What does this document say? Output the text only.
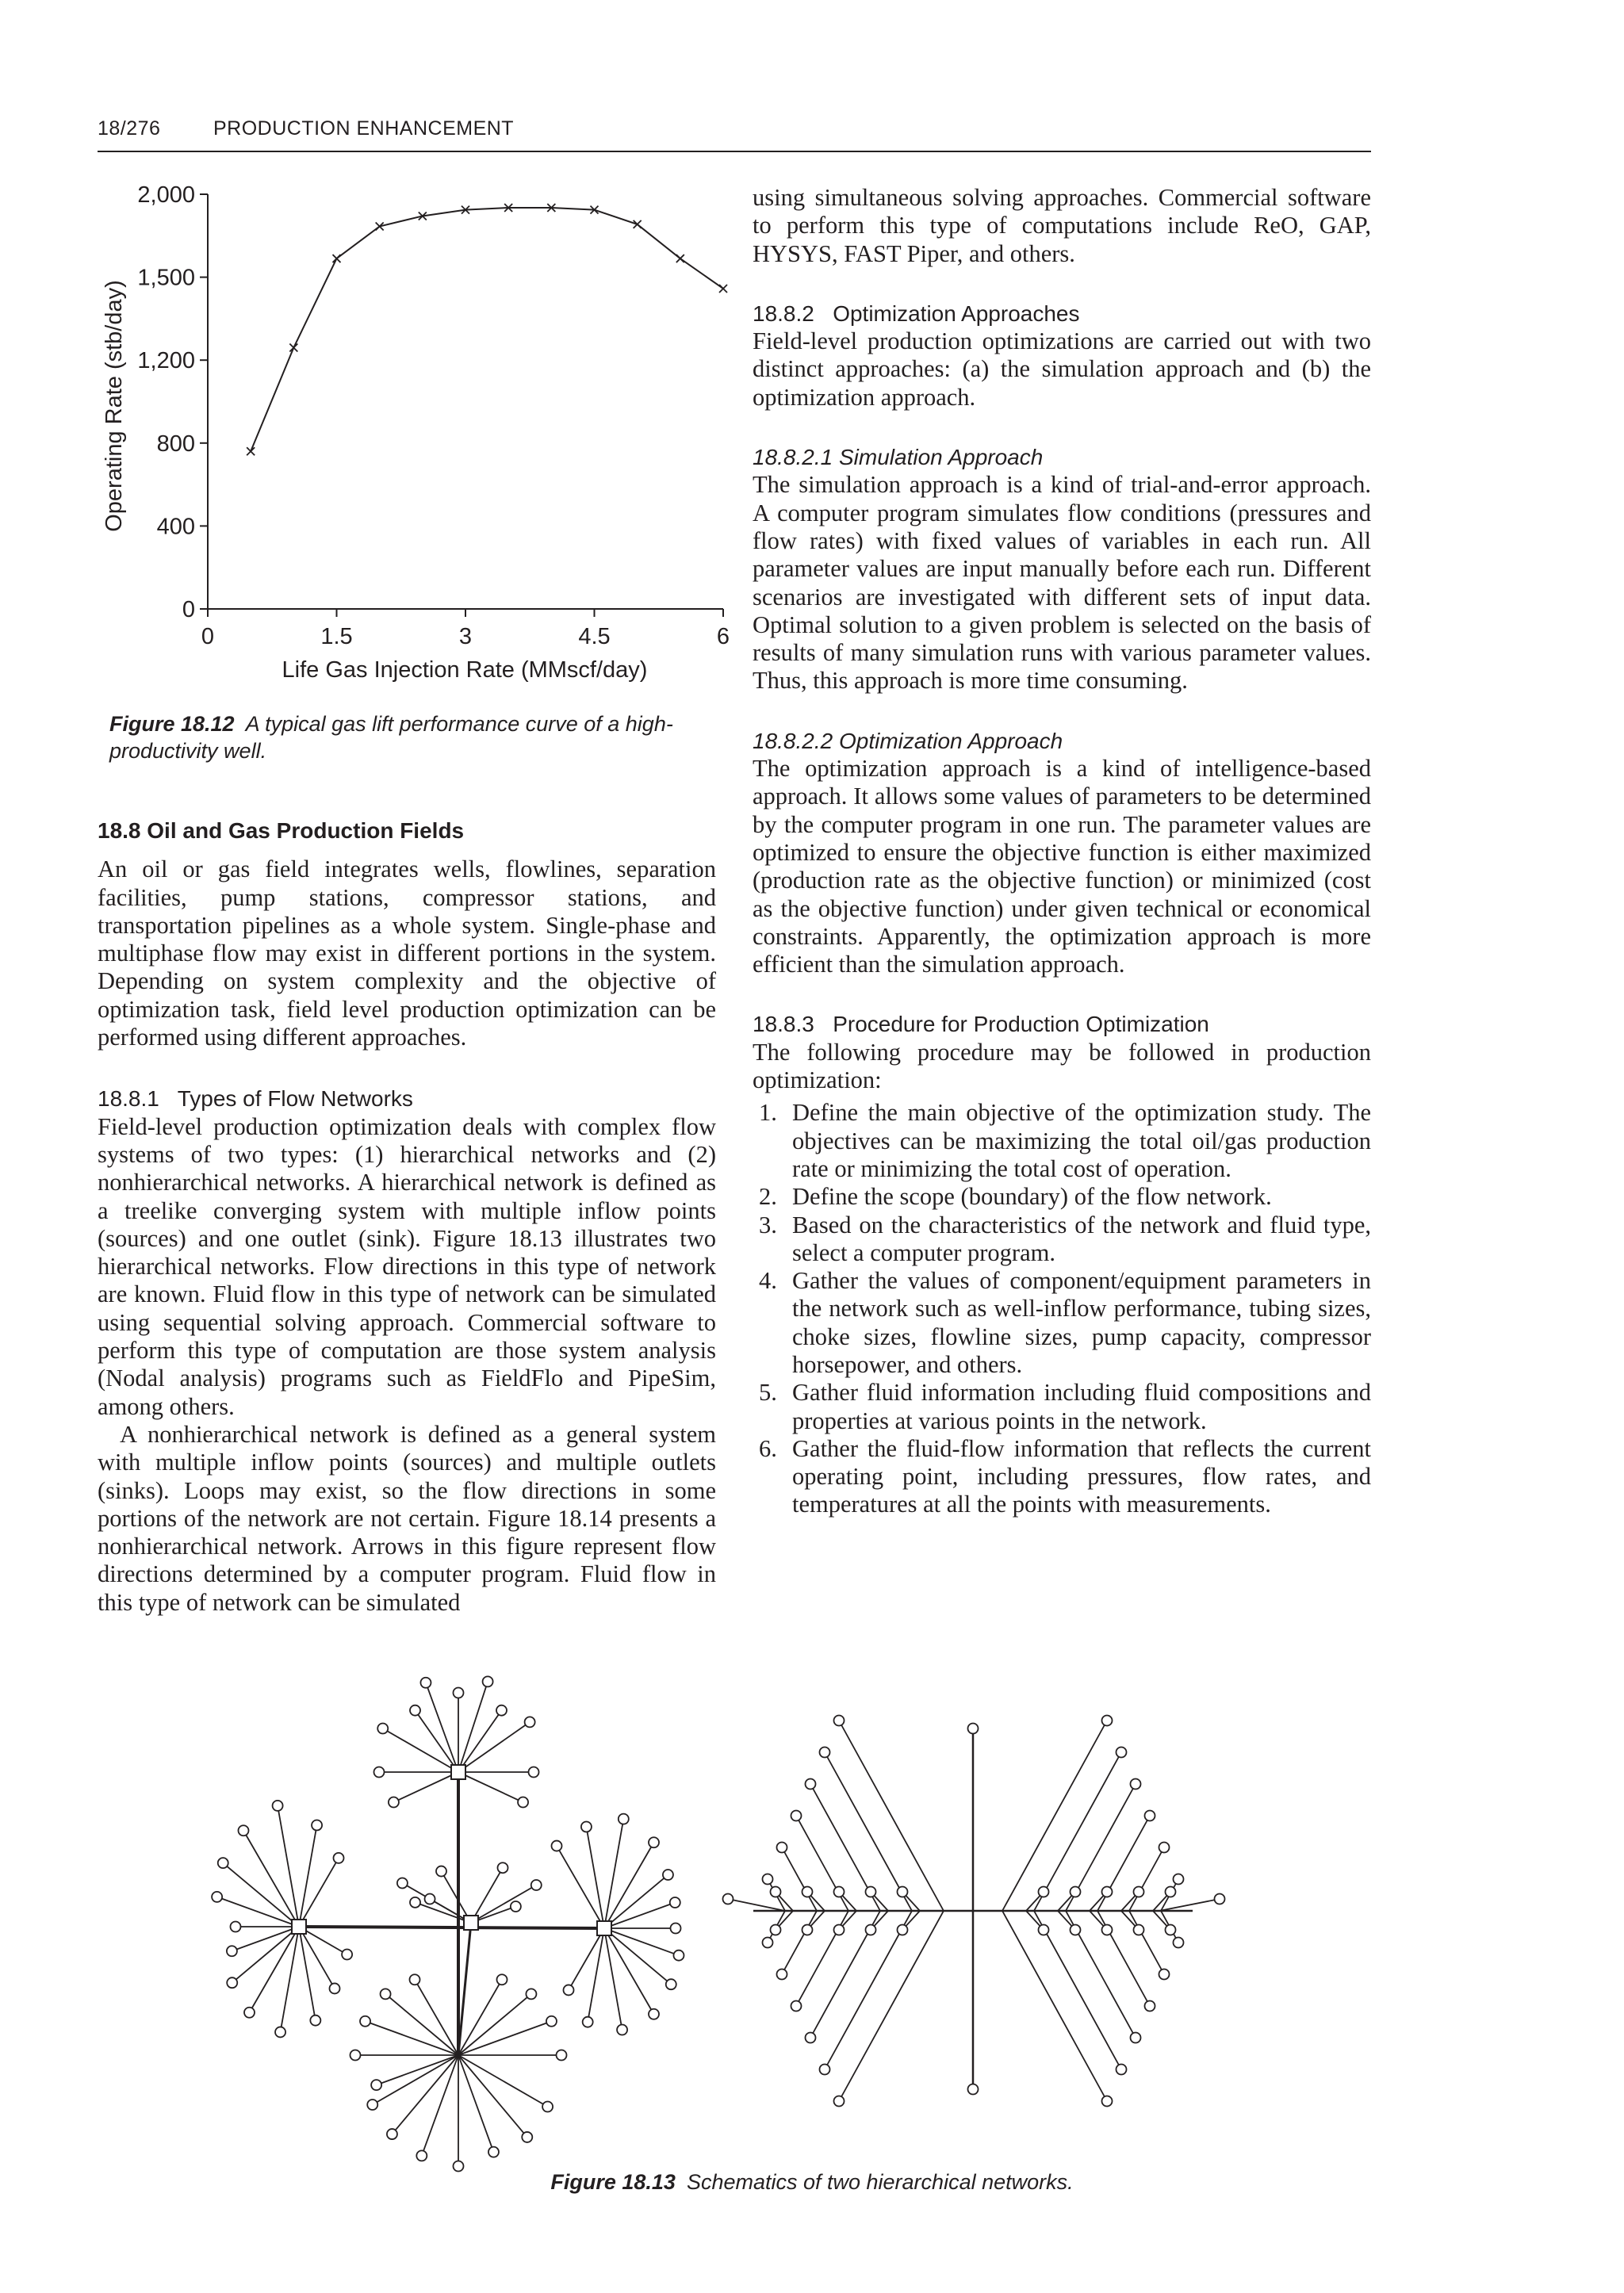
18/276	PRODUCTION ENHANCEMENT
0
400
800
1,200
1,500
2,000
0	1.5	3	4.5	6
Life Gas Injection Rate (MMscf/day)
Operating Rate (stb/day)
Figure 18.12 A typical gas lift performance curve of a high-productivity well.

18.8 Oil and Gas Production Fields

An oil or gas field integrates wells, flowlines, separation facilities, pump stations, compressor stations, and transportation pipelines as a whole system. Single-phase and multiphase flow may exist in different portions in the system. Depending on system complexity and the objective of optimization task, field level production optimization can be performed using different approaches.

18.8.1 Types of Flow Networks

Field-level production optimization deals with complex flow systems of two types: (1) hierarchical networks and (2) nonhierarchical networks. A hierarchical network is defined as a treelike converging system with multiple inflow points (sources) and one outlet (sink). Figure 18.13 illustrates two hierarchical networks. Flow directions in this type of network are known. Fluid flow in this type of network can be simulated using sequential solving approach. Commercial software to perform this type of computation are those system analysis (Nodal analysis) programs such as FieldFlo and PipeSim, among others.

A nonhierarchical network is defined as a general system with multiple inflow points (sources) and multiple outlets (sinks). Loops may exist, so the flow directions in some portions of the network are not certain. Figure 18.14 presents a nonhierarchical network. Arrows in this figure represent flow directions determined by a computer program. Fluid flow in this type of network can be simulated

using simultaneous solving approaches. Commercial software to perform this type of computations include ReO, GAP, HYSYS, FAST Piper, and others.

18.8.2 Optimization Approaches

Field-level production optimizations are carried out with two distinct approaches: (a) the simulation approach and (b) the optimization approach.

18.8.2.1 Simulation Approach

The simulation approach is a kind of trial-and-error approach. A computer program simulates flow conditions (pressures and flow rates) with fixed values of variables in each run. All parameter values are input manually before each run. Different scenarios are investigated with different sets of input data. Optimal solution to a given problem is selected on the basis of results of many simulation runs with various parameter values. Thus, this approach is more time consuming.

18.8.2.2 Optimization Approach

The optimization approach is a kind of intelligence-based approach. It allows some values of parameters to be determined by the computer program in one run. The parameter values are optimized to ensure the objective function is either maximized (production rate as the objective function) or minimized (cost as the objective function) under given technical or economical constraints. Apparently, the optimization approach is more efficient than the simulation approach.

18.8.3 Procedure for Production Optimization

The following procedure may be followed in production optimization:

1. Define the main objective of the optimization study. The objectives can be maximizing the total oil/gas production rate or minimizing the total cost of operation.
2. Define the scope (boundary) of the flow network.
3. Based on the characteristics of the network and fluid type, select a computer program.
4. Gather the values of component/equipment parameters in the network such as well-inflow performance, tubing sizes, choke sizes, flowline sizes, pump capacity, compressor horsepower, and others.
5. Gather fluid information including fluid compositions and properties at various points in the network.
6. Gather the fluid-flow information that reflects the current operating point, including pressures, flow rates, and temperatures at all the points with measurements.
Figure 18.13 Schematics of two hierarchical networks.
